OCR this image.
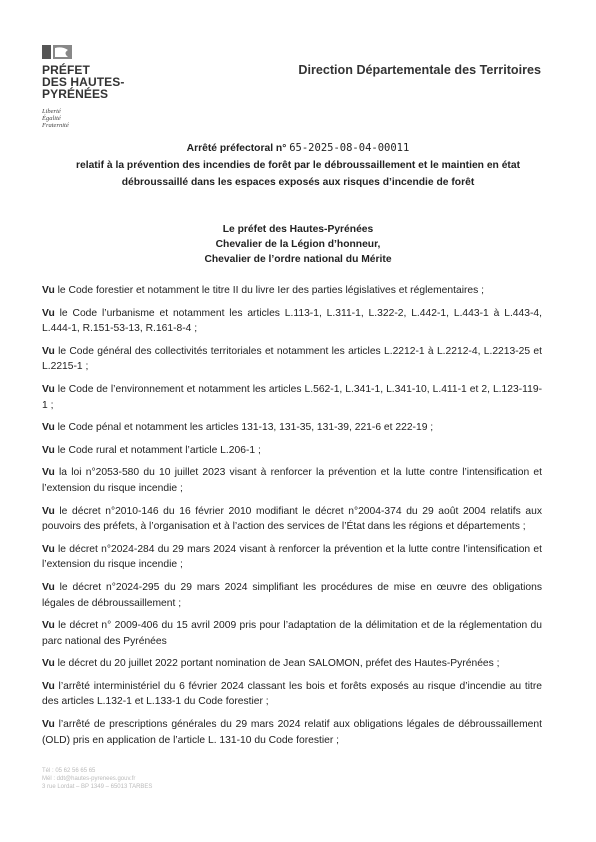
PRÉFET
DES HAUTES-
PYRÉNÉES
Liberté
Égalité
Fraternité
Direction Départementale des Territoires
Arrêté préfectoral n° 65-2025-08-04-00011
relatif à la prévention des incendies de forêt par le débroussaillement et le maintien en état
débroussaillé dans les espaces exposés aux risques d’incendie de forêt
Le préfet des Hautes-Pyrénées
Chevalier de la Légion d’honneur,
Chevalier de l’ordre national du Mérite

Vu le Code forestier et notamment le titre II du livre Ier des parties législatives et réglementaires ;

Vu le Code l’urbanisme et notamment les articles L.113-1, L.311-1, L.322-2, L.442-1, L.443-1 à L.443-4, L.444-1, R.151-53-13, R.161-8-4 ;

Vu le Code général des collectivités territoriales et notamment les articles L.2212-1 à L.2212-4, L.2213-25 et L.2215-1 ;

Vu le Code de l’environnement et notamment les articles L.562-1, L.341-1, L.341-10, L.411-1 et 2, L.123-119-1 ;

Vu le Code pénal et notamment les articles 131-13, 131-35, 131-39, 221-6 et 222-19 ;

Vu le Code rural et notamment l’article L.206-1 ;

Vu la loi n°2053-580 du 10 juillet 2023 visant à renforcer la prévention et la lutte contre l’intensification et l’extension du risque incendie ;

Vu le décret n°2010-146 du 16 février 2010 modifiant le décret n°2004-374 du 29 août 2004 relatifs aux pouvoirs des préfets, à l’organisation et à l’action des services de l’État dans les régions et départements ;

Vu le décret n°2024-284 du 29 mars 2024 visant à renforcer la prévention et la lutte contre l’intensification et l’extension du risque incendie ;

Vu le décret n°2024-295 du 29 mars 2024 simplifiant les procédures de mise en œuvre des obligations légales de débroussaillement ;

Vu le décret n° 2009-406 du 15 avril 2009 pris pour l’adaptation de la délimitation et de la réglementation du parc national des Pyrénées

Vu le décret du 20 juillet 2022 portant nomination de Jean SALOMON, préfet des Hautes-Pyrénées ;

Vu l’arrêté interministériel du 6 février 2024 classant les bois et forêts exposés au risque d’incendie au titre des articles L.132-1 et L.133-1 du Code forestier ;

Vu l’arrêté de prescriptions générales du 29 mars 2024 relatif aux obligations légales de débroussaillement (OLD) pris en application de l’article L. 131-10 du Code forestier ;

Tél : 05 62 56 65 65
Mél : ddt@hautes-pyrenees.gouv.fr
3 rue Lordat – BP 1349 – 65013 TARBES
